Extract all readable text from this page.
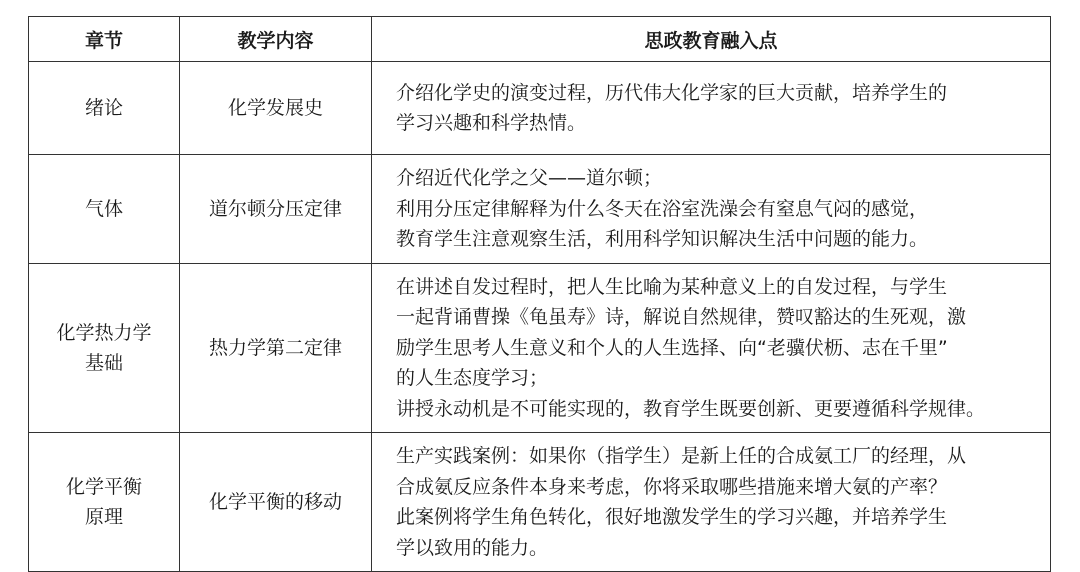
章节	教学内容	思政教育融入点

绪论	化学发展史	介绍化学史的演变过程，历代伟大化学家的巨大贡献，培养学生的
学习兴趣和科学热情。

气体	道尔顿分压定律	介绍近代化学之父——道尔顿；
利用分压定律解释为什么冬天在浴室洗澡会有窒息气闷的感觉，
教育学生注意观察生活，利用科学知识解决生活中问题的能力。

化学热力学
基础	热力学第二定律	在讲述自发过程时，把人生比喻为某种意义上的自发过程，与学生
一起背诵曹操《龟虽寿》诗，解说自然规律，赞叹豁达的生死观，激
励学生思考人生意义和个人的人生选择、向“老骥伏枥、志在千里”
的人生态度学习；
讲授永动机是不可能实现的，教育学生既要创新、更要遵循科学规律。

化学平衡
原理	化学平衡的移动	生产实践案例：如果你（指学生）是新上任的合成氨工厂的经理，从
合成氨反应条件本身来考虑，你将采取哪些措施来增大氨的产率？
此案例将学生角色转化，很好地激发学生的学习兴趣，并培养学生
学以致用的能力。
